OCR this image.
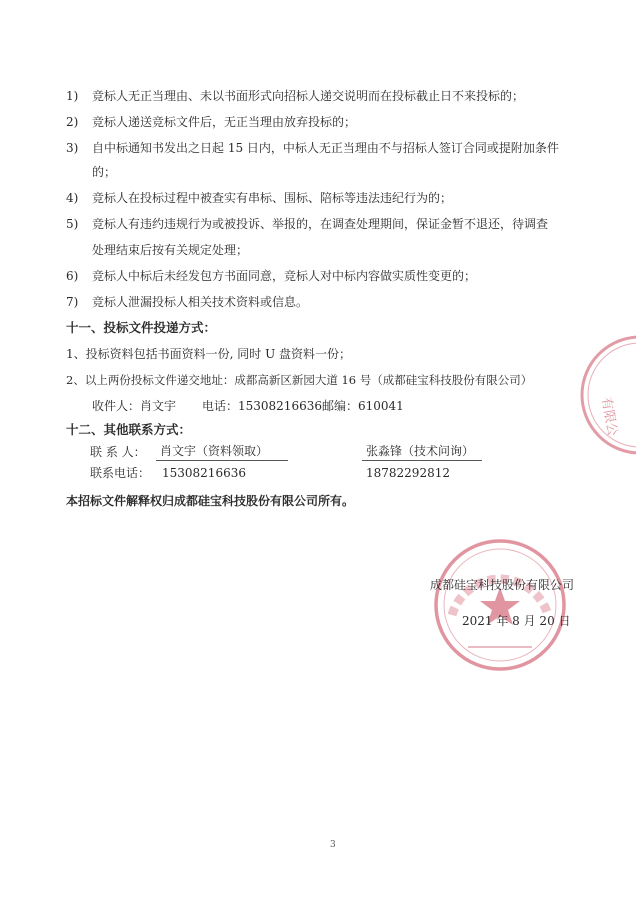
1)	竞标人无正当理由、未以书面形式向招标人递交说明而在投标截止日不来投标的；
2)	竞标人递送竞标文件后，无正当理由放弃投标的；
3)	自中标通知书发出之日起 15 日内，中标人无正当理由不与招标人签订合同或提附加条件
的；
4)	竞标人在投标过程中被查实有串标、围标、陪标等违法违纪行为的；
5)	竞标人有违约违规行为或被投诉、举报的，在调查处理期间，保证金暂不退还，待调查
处理结束后按有关规定处理；
6)	竞标人中标后未经发包方书面同意，竞标人对中标内容做实质性变更的；
7)	竞标人泄漏投标人相关技术资料或信息。
十一、投标文件投递方式：
1、投标资料包括书面资料一份, 同时 U 盘资料一份；
2、以上两份投标文件递交地址：成都高新区新园大道 16 号（成都硅宝科技股份有限公司）
收件人：肖文宇 电话：15308216636 邮编：610041
十二、其他联系方式：
联 系 人：	肖文宇（资料领取）	张淼锋（技术问询）
联系电话： 15308216636	18782292812
本招标文件解释权归成都硅宝科技股份有限公司所有。
有限公
成都硅宝科技股份有限公司
2021 年 8 月 20 日
3
